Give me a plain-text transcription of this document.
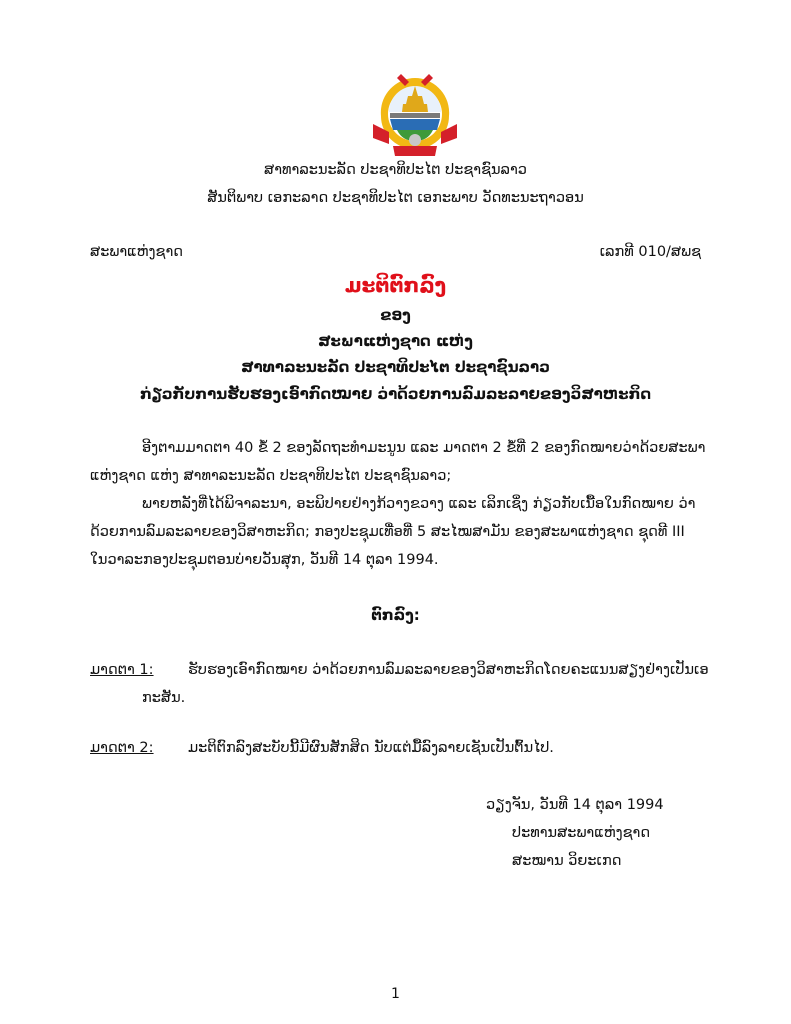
ສາທາລະນະລັດ ປະຊາທິປະໄຕ ປະຊາຊົນລາວ
ສັນຕິພາບ ເອກະລາດ ປະຊາທິປະໄຕ ເອກະພາບ ວັດທະນະຖາວອນ
ສະພາແຫ່ງຊາດ	ເລກທີ 010/ສພຊ
ມະຕິຕົກລົງ
ຂອງ
ສະພາແຫ່ງຊາດ ແຫ່ງ
ສາທາລະນະລັດ ປະຊາທິປະໄຕ ປະຊາຊົນລາວ
ກ່ຽວກັບການຮັບຮອງເອົາກົດໝາຍ ວ່າດ້ວຍການລົມລະລາຍຂອງວິສາຫະກິດ
ອີງຕາມມາດຕາ 40 ຂໍ້ 2 ຂອງລັດຖະທຳມະນູນ ແລະ ມາດຕາ 2 ຂໍ້ທີ່ 2 ຂອງກົດໝາຍວ່າດ້ວຍສະພາ
ແຫ່ງຊາດ ແຫ່ງ ສາທາລະນະລັດ ປະຊາທິປະໄຕ ປະຊາຊົນລາວ;
ພາຍຫລັງທີ່ໄດ້ພິຈາລະນາ, ອະພິປາຍຢ່າງກ້ວາງຂວາງ ແລະ ເລິກເຊິ່ງ ກ່ຽວກັບເນື້ອໃນກົດໝາຍ ວ່າ
ດ້ວຍການລົມລະລາຍຂອງວິສາຫະກິດ; ກອງປະຊຸມເທື່ອທີ່ 5 ສະໄໝສາມັນ ຂອງສະພາແຫ່ງຊາດ ຊຸດທີ III
ໃນວາລະກອງປະຊຸມຕອນບ່າຍວັນສຸກ, ວັນທີ 14 ຕຸລາ 1994.
ຕົກລົງ:
ມາດຕາ 1: ຮັບຮອງເອົາກົດໝາຍ ວ່າດ້ວຍການລົມລະລາຍຂອງວິສາຫະກິດໂດຍຄະແນນສຽງຢ່າງເປັນເອ
ກະສັນ.
ມາດຕາ 2: ມະຕິຕົກລົງສະບັບນີ້ມີຜົນສັກສິດ ນັບແຕ່ມື້ລົງລາຍເຊັນເປັນຕົ້ນໄປ.
ວຽງຈັນ, ວັນທີ 14 ຕຸລາ 1994
ປະທານສະພາແຫ່ງຊາດ
ສະໝານ ວິຍະເກດ
1
